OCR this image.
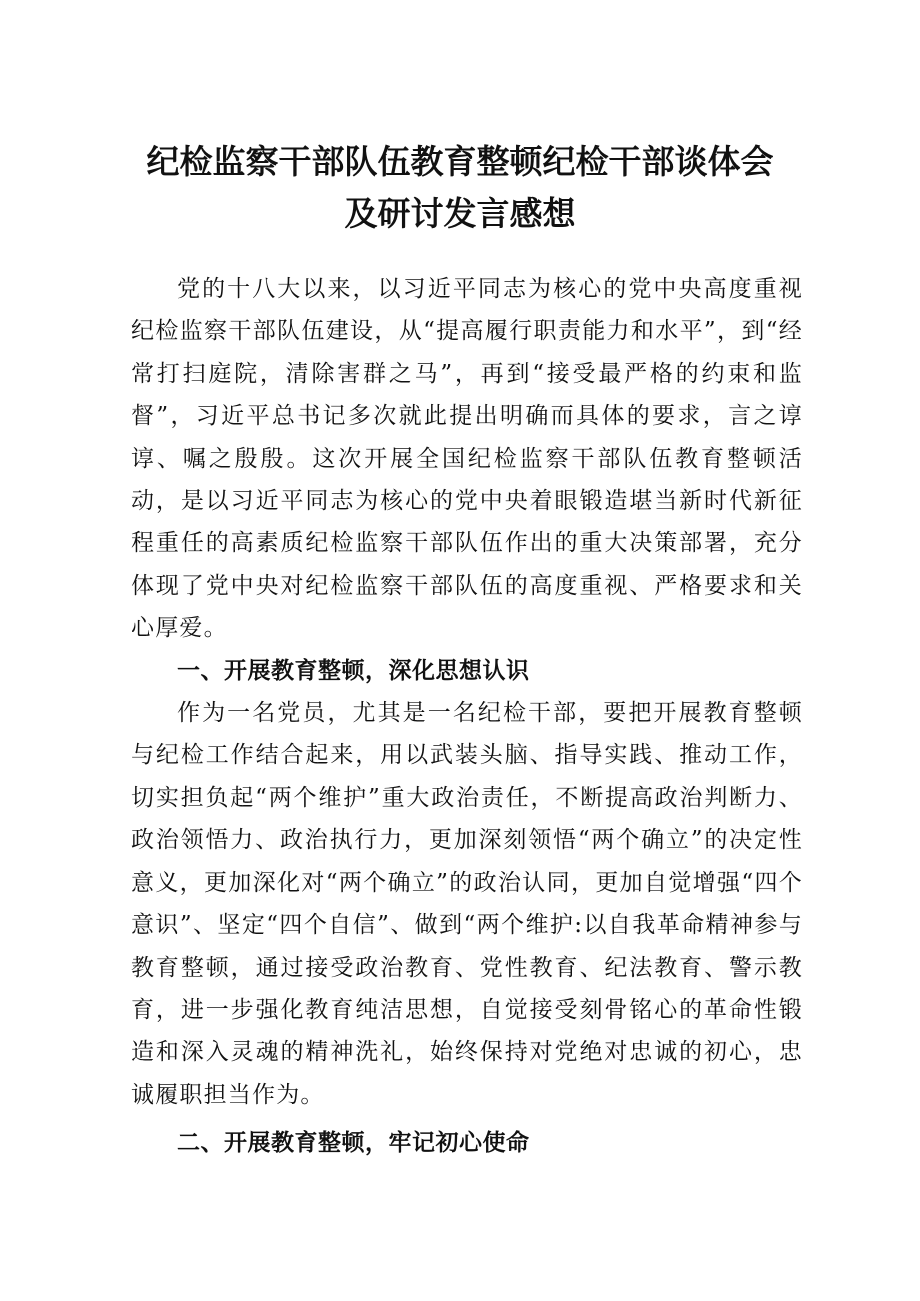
纪检监察干部队伍教育整顿纪检干部谈体会
及研讨发言感想

党的十八大以来，以习近平同志为核心的党中央高度重视纪检监察干部队伍建设，从“提高履行职责能力和水平”，到“经常打扫庭院，清除害群之马”，再到“接受最严格的约束和监督”，习近平总书记多次就此提出明确而具体的要求，言之谆谆、嘱之殷殷。这次开展全国纪检监察干部队伍教育整顿活动，是以习近平同志为核心的党中央着眼锻造堪当新时代新征程重任的高素质纪检监察干部队伍作出的重大决策部署，充分体现了党中央对纪检监察干部队伍的高度重视、严格要求和关心厚爱。

一、开展教育整顿，深化思想认识

作为一名党员，尤其是一名纪检干部，要把开展教育整顿与纪检工作结合起来，用以武装头脑、指导实践、推动工作，切实担负起“两个维护”重大政治责任，不断提高政治判断力、政治领悟力、政治执行力，更加深刻领悟“两个确立”的决定性意义，更加深化对“两个确立”的政治认同，更加自觉增强“四个意识”、坚定“四个自信”、做到“两个维护:以自我革命精神参与教育整顿，通过接受政治教育、党性教育、纪法教育、警示教育，进一步强化教育纯洁思想，自觉接受刻骨铭心的革命性锻造和深入灵魂的精神洗礼，始终保持对党绝对忠诚的初心，忠诚履职担当作为。

二、开展教育整顿，牢记初心使命
